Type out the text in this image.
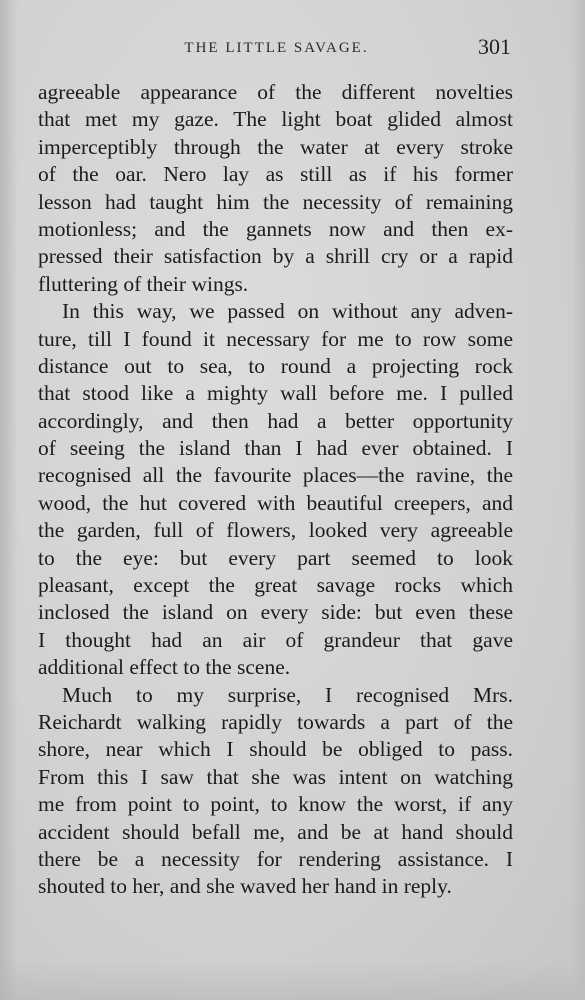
THE LITTLE SAVAGE.	301
agreeable appearance of the different novelties
that met my gaze. The light boat glided almost
imperceptibly through the water at every stroke
of the oar. Nero lay as still as if his former
lesson had taught him the necessity of remaining
motionless; and the gannets now and then ex-
pressed their satisfaction by a shrill cry or a rapid
fluttering of their wings.
In this way, we passed on without any adven-
ture, till I found it necessary for me to row some
distance out to sea, to round a projecting rock
that stood like a mighty wall before me. I pulled
accordingly, and then had a better opportunity
of seeing the island than I had ever obtained. I
recognised all the favourite places—the ravine, the
wood, the hut covered with beautiful creepers, and
the garden, full of flowers, looked very agreeable
to the eye: but every part seemed to look
pleasant, except the great savage rocks which
inclosed the island on every side: but even these
I thought had an air of grandeur that gave
additional effect to the scene.
Much to my surprise, I recognised Mrs.
Reichardt walking rapidly towards a part of the
shore, near which I should be obliged to pass.
From this I saw that she was intent on watching
me from point to point, to know the worst, if any
accident should befall me, and be at hand should
there be a necessity for rendering assistance. I
shouted to her, and she waved her hand in reply.
